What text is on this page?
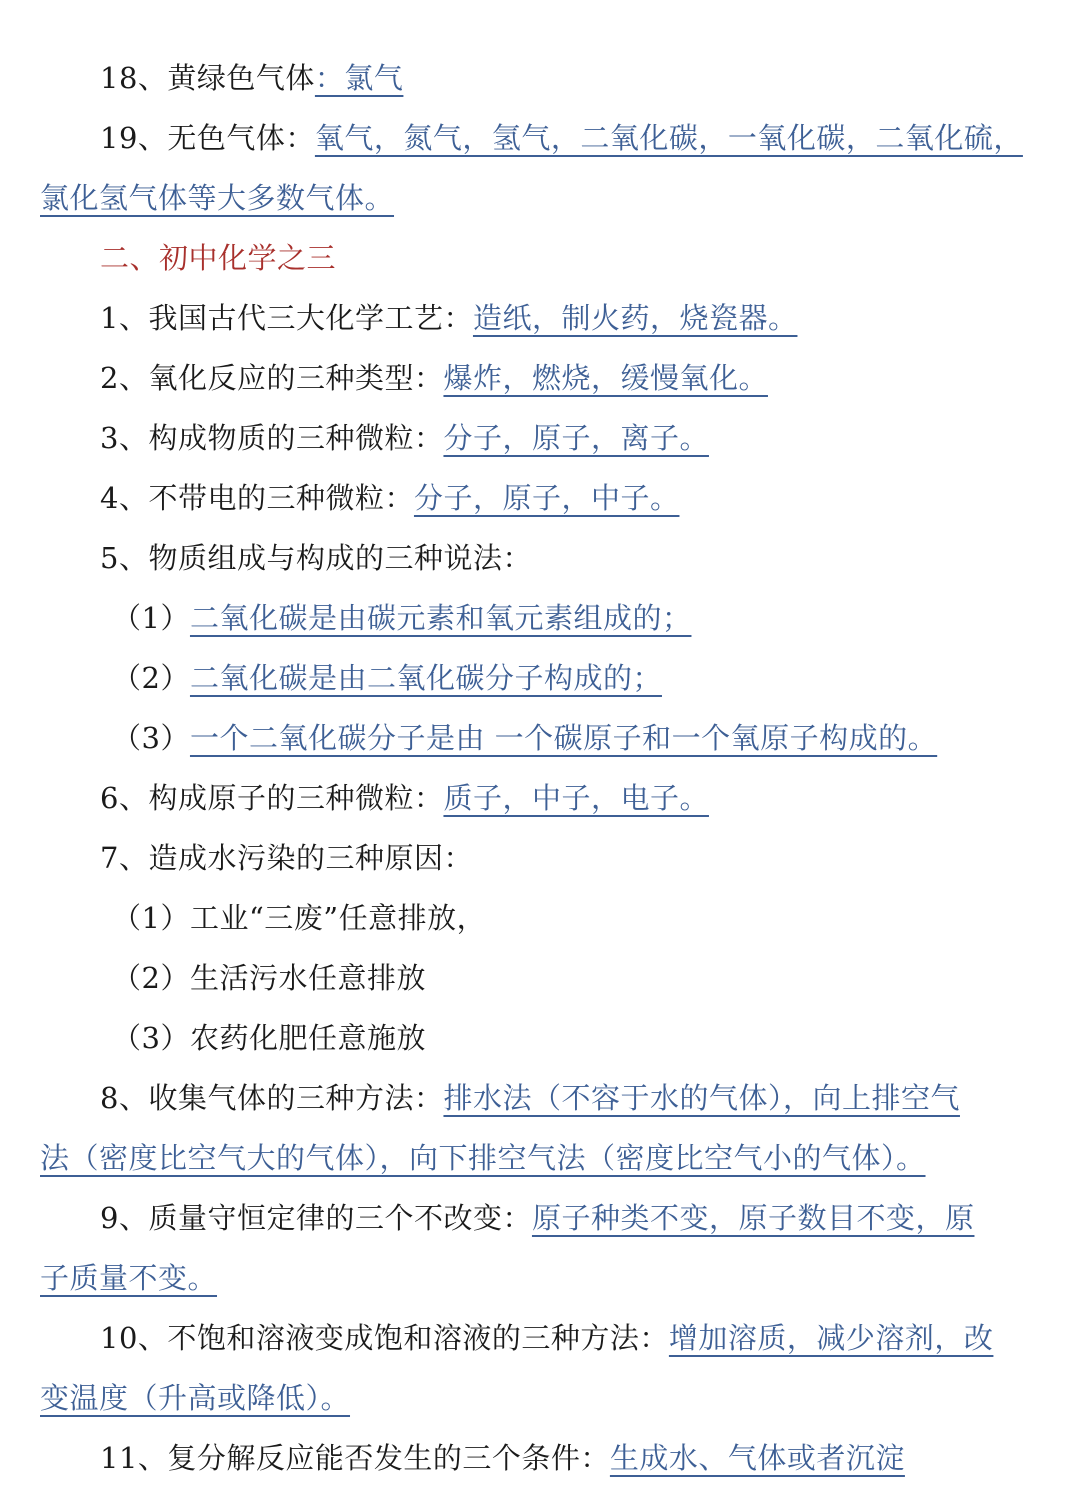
18、黄绿色气体：氯气
19、无色气体：氧气，氮气，氢气，二氧化碳，一氧化碳，二氧化硫，
氯化氢气体等大多数气体。
二、初中化学之三
1、我国古代三大化学工艺：造纸，制火药，烧瓷器。
2、氧化反应的三种类型：爆炸，燃烧，缓慢氧化。
3、构成物质的三种微粒：分子，原子，离子。
4、不带电的三种微粒：分子，原子，中子。
5、物质组成与构成的三种说法：
（1）二氧化碳是由碳元素和氧元素组成的；
（2）二氧化碳是由二氧化碳分子构成的；
（3）一个二氧化碳分子是由 一个碳原子和一个氧原子构成的。
6、构成原子的三种微粒：质子，中子，电子。
7、造成水污染的三种原因：
（1）工业“三废”任意排放，
（2）生活污水任意排放
（3）农药化肥任意施放
8、收集气体的三种方法：排水法（不容于水的气体），向上排空气
法（密度比空气大的气体），向下排空气法（密度比空气小的气体）。
9、质量守恒定律的三个不改变：原子种类不变，原子数目不变，原
子质量不变。
10、不饱和溶液变成饱和溶液的三种方法：增加溶质，减少溶剂，改
变温度（升高或降低）。
11、复分解反应能否发生的三个条件：生成水、气体或者沉淀
